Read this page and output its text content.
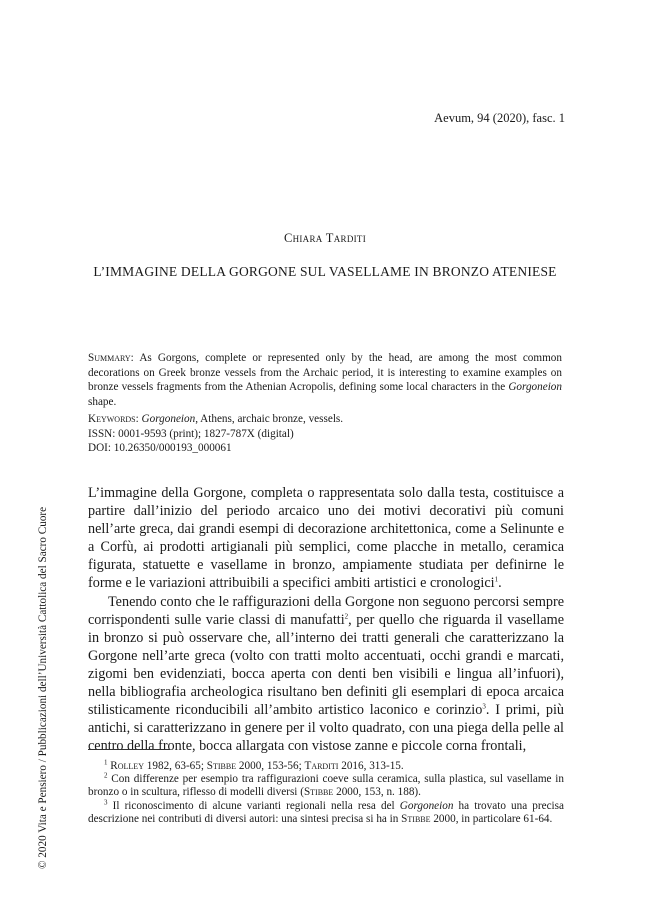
Aevum, 94 (2020), fasc. 1
Chiara Tarditi
L’IMMAGINE DELLA GORGONE SUL VASELLAME IN BRONZO ATENIESE
Summary: As Gorgons, complete or represented only by the head, are among the most common decorations on Greek bronze vessels from the Archaic period, it is interesting to examine examples on bronze vessels fragments from the Athenian Acropolis, defining some local characters in the Gorgoneion shape.
Keywords: Gorgoneion, Athens, archaic bronze, vessels.
ISSN: 0001-9593 (print); 1827-787X (digital)
DOI: 10.26350/000193_000061

L’immagine della Gorgone, completa o rappresentata solo dalla testa, costituisce a partire dall’inizio del periodo arcaico uno dei motivi decorativi più comuni nell’arte greca, dai grandi esempi di decorazione architettonica, come a Selinunte e a Corfù, ai prodotti artigianali più semplici, come placche in metallo, ceramica figurata, statuette e vasellame in bronzo, ampiamente studiata per definirne le forme e le variazioni attribuibili a specifici ambiti artistici e cronologici$^1$.

Tenendo conto che le raffigurazioni della Gorgone non seguono percorsi sempre corrispondenti sulle varie classi di manufatti$^2$, per quello che riguarda il vasellame in bronzo si può osservare che, all’interno dei tratti generali che caratterizzano la Gorgone nell’arte greca (volto con tratti molto accentuati, occhi grandi e marcati, zigomi ben evidenziati, bocca aperta con denti ben visibili e lingua all’infuori), nella bibliografia archeologica risultano ben definiti gli esemplari di epoca arcaica stilisticamente riconducibili all’ambito artistico laconico e corinzio$^3$. I primi, più antichi, si caratterizzano in genere per il volto quadrato, con una piega della pelle al centro della fronte, bocca allargata con vistose zanne e piccole corna frontali,

$^1$ Rolley 1982, 63-65; Stibbe 2000, 153-56; Tarditi 2016, 313-15.

$^2$ Con differenze per esempio tra raffigurazioni coeve sulla ceramica, sulla plastica, sul vasellame in bronzo o in scultura, riflesso di modelli diversi (Stibbe 2000, 153, n. 188).

$^3$ Il riconoscimento di alcune varianti regionali nella resa del Gorgoneion ha trovato una precisa descrizione nei contributi di diversi autori: una sintesi precisa si ha in Stibbe 2000, in particolare 61-64.

© 2020 Vita e Pensiero / Pubblicazioni dell’Università Cattolica del Sacro Cuore
